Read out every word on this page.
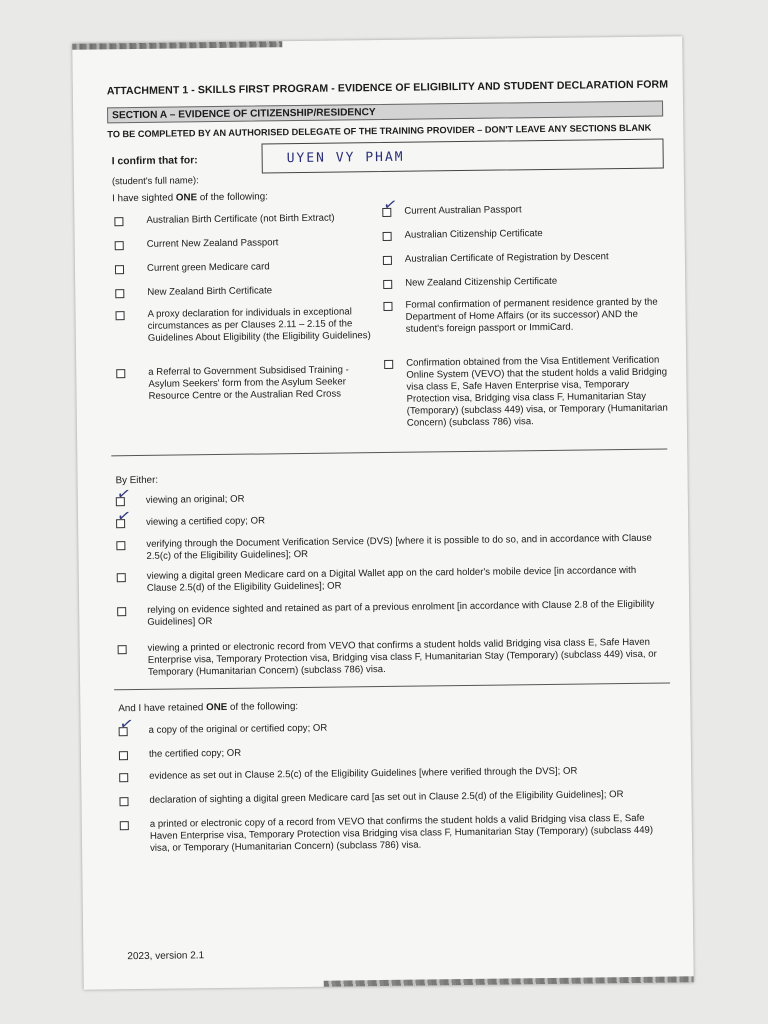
ATTACHMENT 1 - SKILLS FIRST PROGRAM - EVIDENCE OF ELIGIBILITY AND STUDENT DECLARATION FORM
SECTION A – EVIDENCE OF CITIZENSHIP/RESIDENCY
TO BE COMPLETED BY AN AUTHORISED DELEGATE OF THE TRAINING PROVIDER – DON'T LEAVE ANY SECTIONS BLANK
I confirm that for:
(student's full name):
UYEN VY PHAM
I have sighted ONE of the following:
Australian Birth Certificate (not Birth Extract)
Current New Zealand Passport
Current green Medicare card
New Zealand Birth Certificate
A proxy declaration for individuals in exceptional circumstances as per Clauses 2.11 – 2.15 of the Guidelines About Eligibility (the Eligibility Guidelines)
a Referral to Government Subsidised Training - Asylum Seekers' form from the Asylum Seeker Resource Centre or the Australian Red Cross
✓ Current Australian Passport
Australian Citizenship Certificate
Australian Certificate of Registration by Descent
New Zealand Citizenship Certificate
Formal confirmation of permanent residence granted by the Department of Home Affairs (or its successor) AND the student's foreign passport or ImmiCard.
Confirmation obtained from the Visa Entitlement Verification Online System (VEVO) that the student holds a valid Bridging visa class E, Safe Haven Enterprise visa, Temporary Protection visa, Bridging visa class F, Humanitarian Stay (Temporary) (subclass 449) visa, or Temporary (Humanitarian Concern) (subclass 786) visa.
By Either:
✓ viewing an original; OR
✓ viewing a certified copy; OR
verifying through the Document Verification Service (DVS) [where it is possible to do so, and in accordance with Clause 2.5(c) of the Eligibility Guidelines]; OR
viewing a digital green Medicare card on a Digital Wallet app on the card holder's mobile device [in accordance with Clause 2.5(d) of the Eligibility Guidelines]; OR
relying on evidence sighted and retained as part of a previous enrolment [in accordance with Clause 2.8 of the Eligibility Guidelines] OR
viewing a printed or electronic record from VEVO that confirms a student holds valid Bridging visa class E, Safe Haven Enterprise visa, Temporary Protection visa, Bridging visa class F, Humanitarian Stay (Temporary) (subclass 449) visa, or Temporary (Humanitarian Concern) (subclass 786) visa.
And I have retained ONE of the following:
✓ a copy of the original or certified copy; OR
the certified copy; OR
evidence as set out in Clause 2.5(c) of the Eligibility Guidelines [where verified through the DVS]; OR
declaration of sighting a digital green Medicare card [as set out in Clause 2.5(d) of the Eligibility Guidelines]; OR
a printed or electronic copy of a record from VEVO that confirms the student holds a valid Bridging visa class E, Safe Haven Enterprise visa, Temporary Protection visa Bridging visa class F, Humanitarian Stay (Temporary) (subclass 449) visa, or Temporary (Humanitarian Concern) (subclass 786) visa.
2023, version 2.1
